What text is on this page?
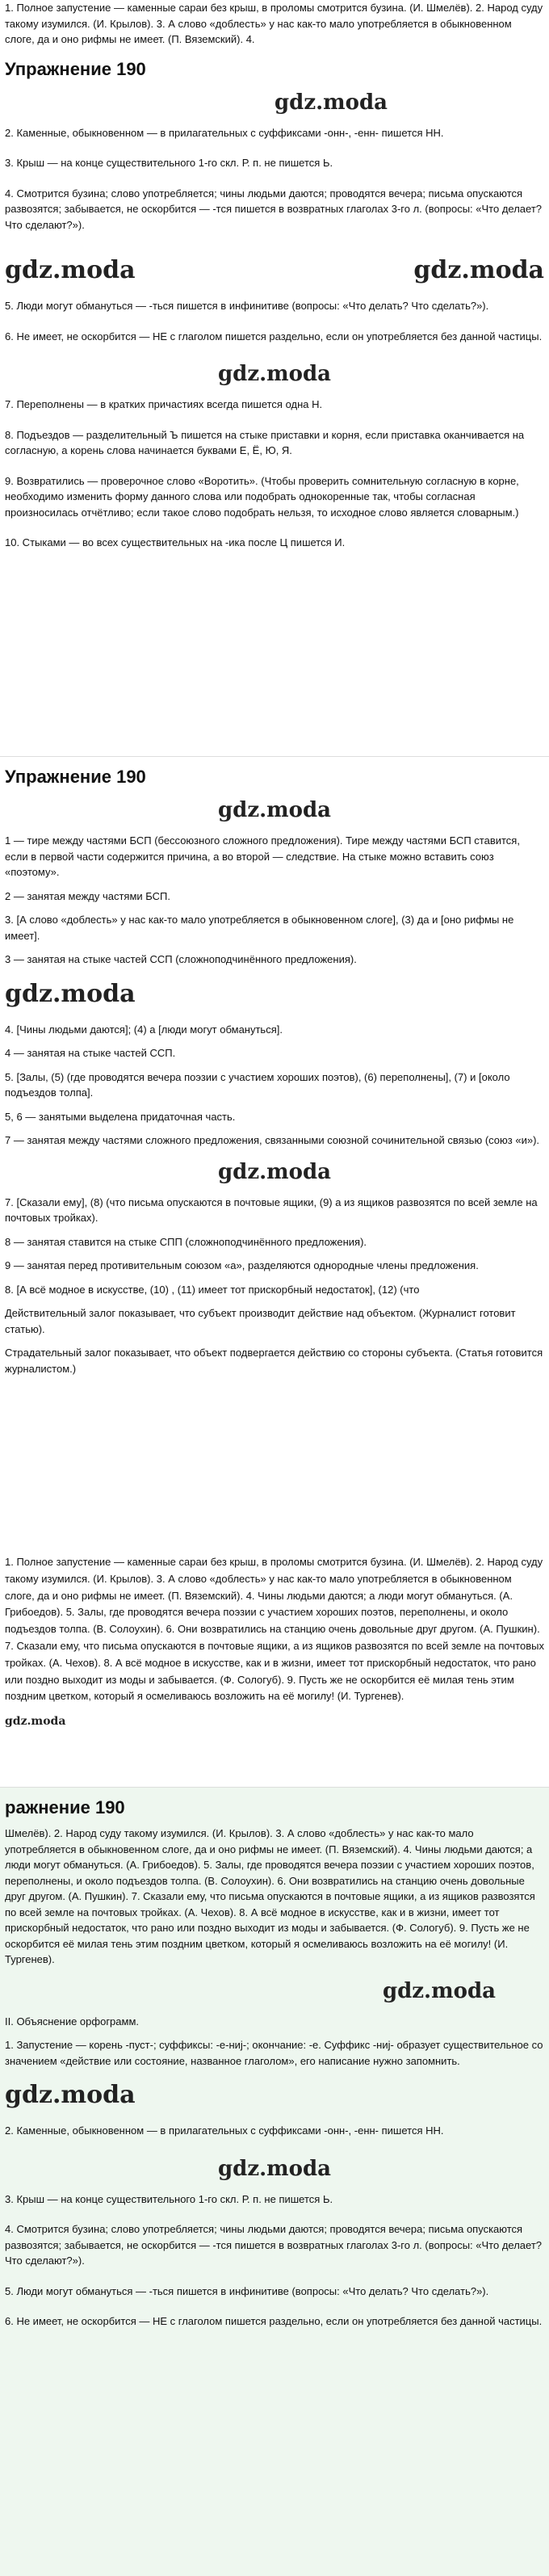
1. Полное запустение — каменные сараи без крыш, в проломы смотрится бузина. (И. Шмелёв). 2. Народ суду такому изумился. (И. Крылов). 3. А слово «доблесть» у нас как-то мало употребляется в обыкновенном слоге, да и оно рифмы не имеет. (П. Вяземский). 4.
Упражнение 190
gdz.moda
2. Каменные, обыкновенном — в прилагательных с суффиксами -онн-, -енн- пишется НН.
3. Крыш — на конце существительного 1-го скл. Р. п. не пишется Ь.
4. Смотрится бузина; слово употребляется; чины людьми даются; проводятся вечера; письма опускаются развозятся; забывается, не оскорбится — -тся пишется в возвратных глаголах 3-го л. (вопросы: «Что делает? Что сделают?»).
gdz.moda	gdz.moda
5. Люди могут обмануться — -ться пишется в инфинитиве (вопросы: «Что делать? Что сделать?»).
6. Не имеет, не оскорбится — НЕ с глаголом пишется раздельно, если он употребляется без данной частицы.
gdz.moda
7. Переполнены — в кратких причастиях всегда пишется одна Н.
8. Подъездов — разделительный Ъ пишется на стыке приставки и корня, если приставка оканчивается на согласную, а корень слова начинается буквами Е, Ё, Ю, Я.
9. Возвратились — проверочное слово «Воротить». (Чтобы проверить сомнительную согласную в корне, необходимо изменить форму данного слова или подобрать однокоренные так, чтобы согласная произносилась отчётливо; если такое слово подобрать нельзя, то исходное слово является словарным.)
10. Стыками — во всех существительных на -ика после Ц пишется И.
Упражнение 190
gdz.moda
1 — тире между частями БСП (бессоюзного сложного предложения). Тире между частями БСП ставится, если в первой части содержится причина, а во второй — следствие. На стыке можно вставить союз «поэтому».
2 — занятая между частями БСП.
3. [А слово «доблесть» у нас как-то мало употребляется в обыкновенном слоге], (3) да и [оно рифмы не имеет].
3 — занятая на стыке частей ССП (сложноподчинённого предложения).
gdz.moda
4. [Чины людьми даются]; (4) а [люди могут обмануться].
4 — занятая на стыке частей ССП.
5. [Залы, (5) (где проводятся вечера поэзии с участием хороших поэтов), (6) переполнены], (7) и [около подъездов толпа].
5, 6 — занятыми выделена придаточная часть.
7 — занятая между частями сложного предложения, связанными союзной сочинительной связью (союз «и»).
gdz.moda
7. [Сказали ему], (8) (что письма опускаются в почтовые ящики, (9) а из ящиков развозятся по всей земле на почтовых тройках).
8 — занятая ставится на стыке СПП (сложноподчинённого предложения).
9 — занятая перед противительным союзом «а», разделяются однородные члены предложения.
8. [А всё модное в искусстве, (10) , (11) имеет тот прискорбный недостаток], (12) (что
Действительный залог показывает, что субъект производит действие над объектом. (Журналист готовит статью).
Страдательный залог показывает, что объект подвергается действию со стороны субъекта. (Статья готовится журналистом.)
1. Полное запустение — каменные сараи без крыш, в проломы смотрится бузина. (И. Шмелёв). 2. Народ суду такому изумился. (И. Крылов). 3. А слово «доблесть» у нас как-то мало употребляется в обыкновенном слоге, да и оно рифмы не имеет. (П. Вяземский). 4. Чины людьми даются; а люди могут обмануться. (А. Грибоедов). 5. Залы, где проводятся вечера поэзии с участием хороших поэтов, переполнены, и около подъездов толпа. (В. Солоухин). 6. Они возвратились на станцию очень довольные друг другом. (А. Пушкин). 7. Сказали ему, что письма опускаются в почтовые ящики, а из ящиков развозятся по всей земле на почтовых тройках. (А. Чехов). 8. А всё модное в искусстве, как и в жизни, имеет тот прискорбный недостаток, что рано или поздно выходит из моды и забывается. (Ф. Сологуб). 9. Пусть же не оскорбится её милая тень этим поздним цветком, который я осмеливаюсь возложить на её могилу! (И. Тургенев).
gdz.moda
ражнение 190
Шмелёв). 2. Народ суду такому изумился. (И. Крылов). 3. А слово «доблесть» у нас как-то мало употребляется в обыкновенном слоге, да и оно рифмы не имеет. (П. Вяземский). 4. Чины людьми даются; а люди могут обмануться. (А. Грибоедов). 5. Залы, где проводятся вечера поэзии с участием хороших поэтов, переполнены, и около подъездов толпа. (В. Солоухин). 6. Они возвратились на станцию очень довольные друг другом. (А. Пушкин). 7. Сказали ему, что письма опускаются в почтовые ящики, а из ящиков развозятся по всей земле на почтовых тройках. (А. Чехов). 8. А всё модное в искусстве, как и в жизни, имеет тот прискорбный недостаток, что рано или поздно выходит из моды и забывается. (Ф. Сологуб). 9. Пусть же не оскорбится её милая тень этим поздним цветком, который я осмеливаюсь возложить на её могилу! (И. Тургенев).
gdz.moda
II. Объяснение орфограмм.
1. Запустение — корень -пуст-; суффиксы: -е-ниj-; окончание: -е. Суффикс -ниj- образует существительное со значением «действие или состояние, названное глаголом», его написание нужно запомнить.
gdz.moda
2. Каменные, обыкновенном — в прилагательных с суффиксами -онн-, -енн- пишется НН.
gdz.moda
3. Крыш — на конце существительного 1-го скл. Р. п. не пишется Ь.
4. Смотрится бузина; слово употребляется; чины людьми даются; проводятся вечера; письма опускаются развозятся; забывается, не оскорбится — -тся пишется в возвратных глаголах 3-го л. (вопросы: «Что делает? Что сделают?»).
5. Люди могут обмануться — -ться пишется в инфинитиве (вопросы: «Что делать? Что сделать?»).
6. Не имеет, не оскорбится — НЕ с глаголом пишется раздельно, если он употребляется без данной частицы.
